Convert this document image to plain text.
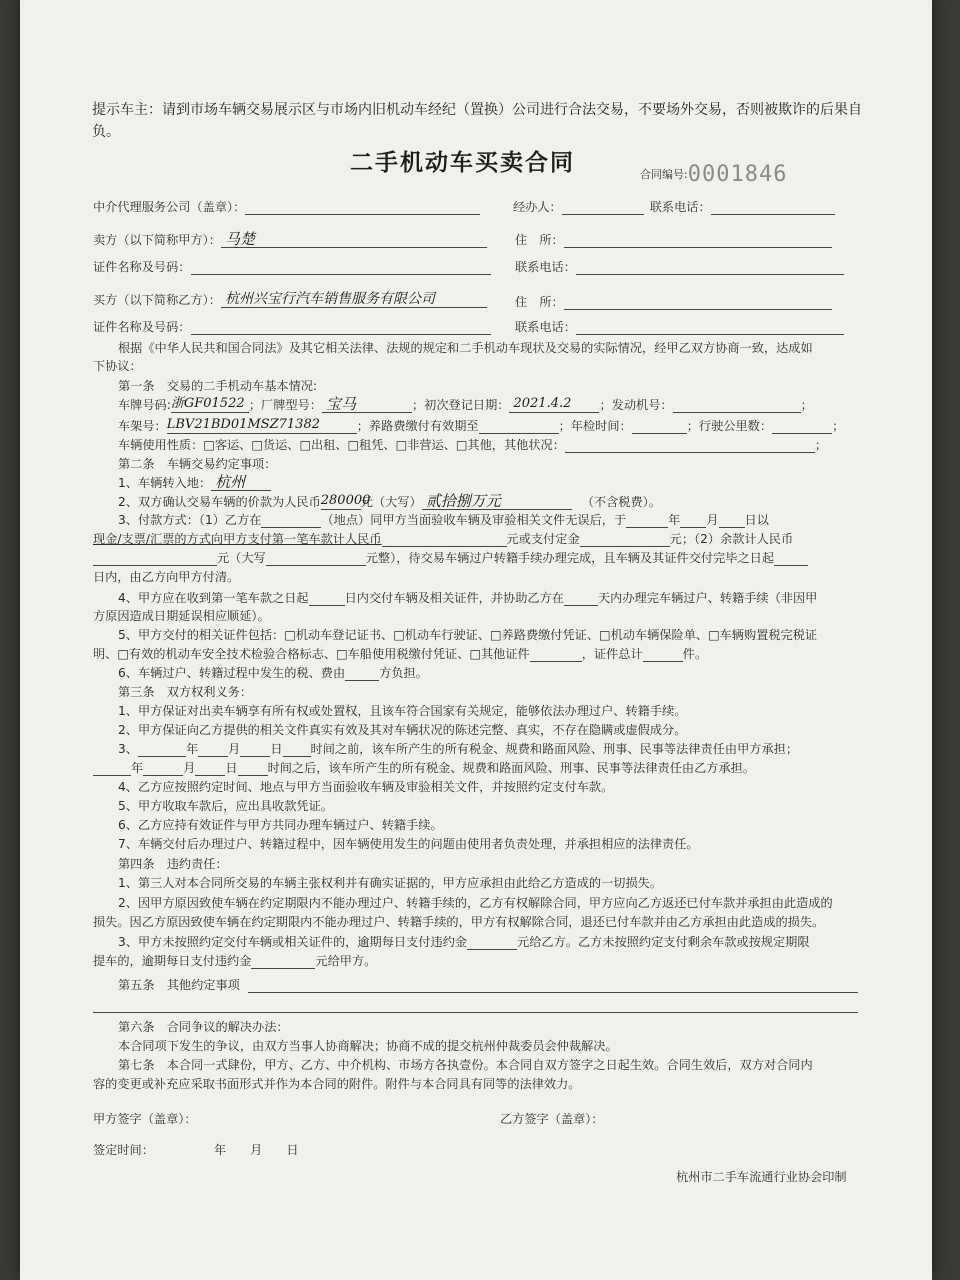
提示车主：请到市场车辆交易展示区与市场内旧机动车经纪（置换）公司进行合法交易，不要场外交易，否则被欺诈的后果自负。
二手机动车买卖合同	合同编号:0001846
中介代理服务公司（盖章）：	经办人：	联系电话：
卖方（以下简称甲方）： 马楚	住　所：
证件名称及号码：	联系电话：
买方（以下简称乙方）： 杭州兴宝行汽车销售服务有限公司	住　所：
证件名称及号码：	联系电话：
根据《中华人民共和国合同法》及其它相关法律、法规的规定和二手机动车现状及交易的实际情况，经甲乙双方协商一致，达成如
下协议：
第一条　交易的二手机动车基本情况:
车牌号码: 浙GF01522 ；厂牌型号： 宝马	；初次登记日期： 2021.4.2 ；发动机号：	；
车架号： LBV21BD01MSZ71382	；养路费缴付有效期至	；年检时间：	；行驶公里数：	；
车辆使用性质：□客运、□货运、□出租、□租凭、□非营运、□其他，其他状况：	；
第二条　车辆交易约定事项：
1、车辆转入地： 杭州
2、双方确认交易车辆的价款为人民币 280000
元（大写） 贰拾捌万元	（不含税费）。
3、付款方式：（1）乙方在	（地点）同甲方当面验收车辆及审验相关文件无误后，于	年 月 日以
现金/支票/汇票的方式向甲方支付第一笔车款计人民币	元或支付定金	元；（2）余款计人民币
元（大写	元整），待交易车辆过户转籍手续办理完成，且车辆及其证件交付完毕之日起
日内，由乙方向甲方付清。
4、甲方应在收到第一笔车款之日起	日内交付车辆及相关证件，并协助乙方在	天内办理完车辆过户、转籍手续（非因甲
方原因造成日期延误相应顺延）。
5、甲方交付的相关证件包括：□机动车登记证书、□机动车行驶证、□养路费缴付凭证、□机动车辆保险单、□车辆购置税完税证
明、□有效的机动车安全技术检验合格标志、□车船使用税缴付凭证、□其他证件	，证件总计	件。
6、车辆过户、转籍过程中发生的税、费由	方负担。
第三条　双方权利义务：
1、甲方保证对出卖车辆享有所有权或处置权，且该车符合国家有关规定，能够依法办理过户、转籍手续。
2、甲方保证向乙方提供的相关文件真实有效及其对车辆状况的陈述完整、真实，不存在隐瞒或虚假成分。
3、	年 月 日 时间之前，该车所产生的所有税金、规费和路面风险、刑事、民事等法律责任由甲方承担；
年	月 日 时间之后，该车所产生的所有税金、规费和路面风险、刑事、民事等法律责任由乙方承担。
4、乙方应按照约定时间、地点与甲方当面验收车辆及审验相关文件，并按照约定支付车款。
5、甲方收取车款后，应出具收款凭证。
6、乙方应持有效证件与甲方共同办理车辆过户、转籍手续。
7、车辆交付后办理过户、转籍过程中，因车辆使用发生的问题由使用者负责处理，并承担相应的法律责任。
第四条　违约责任：
1、第三人对本合同所交易的车辆主张权利并有确实证据的，甲方应承担由此给乙方造成的一切损失。
2、因甲方原因致使车辆在约定期限内不能办理过户、转籍手续的，乙方有权解除合同，甲方应向乙方返还已付车款并承担由此造成的
损失。因乙方原因致使车辆在约定期限内不能办理过户、转籍手续的，甲方有权解除合同，退还已付车款并由乙方承担由此造成的损失。
3、甲方未按照约定交付车辆或相关证件的，逾期每日支付违约金	元给乙方。乙方未按照约定支付剩余车款或按规定期限
提车的，逾期每日支付违约金	元给甲方。
第五条　其他约定事项
第六条　合同争议的解决办法：
本合同项下发生的争议，由双方当事人协商解决；协商不成的提交杭州仲裁委员会仲裁解决。
第七条　本合同一式肆份，甲方、乙方、中介机构、市场方各执壹份。本合同自双方签字之日起生效。合同生效后，双方对合同内
容的变更或补充应采取书面形式并作为本合同的附件。附件与本合同具有同等的法律效力。
甲方签字（盖章）：	乙方签字（盖章）：
签定时间：	年 月 日
杭州市二手车流通行业协会印制
